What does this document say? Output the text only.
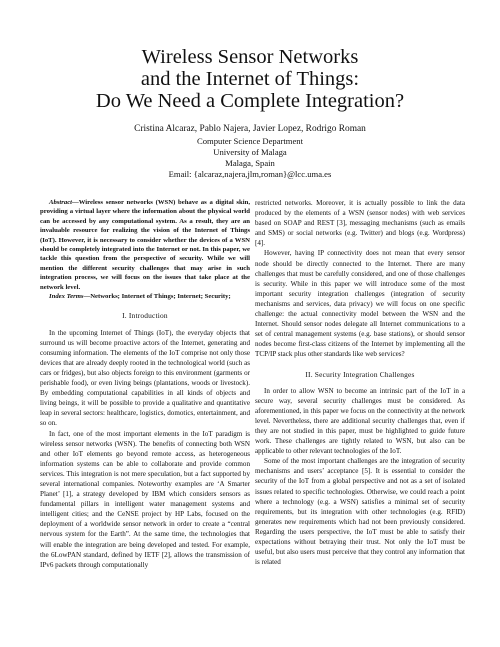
Wireless Sensor Networks
and the Internet of Things:
Do We Need a Complete Integration?
Cristina Alcaraz, Pablo Najera, Javier Lopez, Rodrigo Roman
Computer Science Department
University of Malaga
Malaga, Spain
Email: {alcaraz,najera,jlm,roman}@lcc.uma.es

Abstract—Wireless sensor networks (WSN) behave as a digital skin, providing a virtual layer where the information about the physical world can be accessed by any computational system. As a result, they are an invaluable resource for realizing the vision of the Internet of Things (IoT). However, it is necessary to consider whether the devices of a WSN should be completely integrated into the Internet or not. In this paper, we tackle this question from the perspective of security. While we will mention the different security challenges that may arise in such integration process, we will focus on the issues that take place at the network level.

Index Terms—Networks; Internet of Things; Internet; Security;

I. Introduction

In the upcoming Internet of Things (IoT), the everyday objects that surround us will become proactive actors of the Internet, generating and consuming information. The elements of the IoT comprise not only those devices that are already deeply rooted in the technological world (such as cars or fridges), but also objects foreign to this environment (garments or perishable food), or even living beings (plantations, woods or livestock). By embedding computational capabilities in all kinds of objects and living beings, it will be possible to provide a qualitative and quantitative leap in several sectors: healthcare, logistics, domotics, entertainment, and so on.

In fact, one of the most important elements in the IoT paradigm is wireless sensor networks (WSN). The benefits of connecting both WSN and other IoT elements go beyond remote access, as heterogeneous information systems can be able to collaborate and provide common services. This integration is not mere speculation, but a fact supported by several international companies. Noteworthy examples are ‘A Smarter Planet’ [1], a strategy developed by IBM which considers sensors as fundamental pillars in intelligent water management systems and intelligent cities; and the CeNSE project by HP Labs, focused on the deployment of a worldwide sensor network in order to create a “central nervous system for the Earth”. At the same time, the technologies that will enable the integration are being developed and tested. For example, the 6LowPAN standard, defined by IETF [2], allows the transmission of IPv6 packets through computationally

restricted networks. Moreover, it is actually possible to link the data produced by the elements of a WSN (sensor nodes) with web services based on SOAP and REST [3], messaging mechanisms (such as emails and SMS) or social networks (e.g. Twitter) and blogs (e.g. Wordpress) [4].

However, having IP connectivity does not mean that every sensor node should be directly connected to the Internet. There are many challenges that must be carefully considered, and one of those challenges is security. While in this paper we will introduce some of the most important security integration challenges (integration of security mechanisms and services, data privacy) we will focus on one specific challenge: the actual connectivity model between the WSN and the Internet. Should sensor nodes delegate all Internet communications to a set of central management systems (e.g. base stations), or should sensor nodes become first-class citizens of the Internet by implementing all the TCP/IP stack plus other standards like web services?

II. Security Integration Challenges

In order to allow WSN to become an intrinsic part of the IoT in a secure way, several security challenges must be considered. As aforementioned, in this paper we focus on the connectivity at the network level. Nevertheless, there are additional security challenges that, even if they are not studied in this paper, must be highlighted to guide future work. These challenges are tightly related to WSN, but also can be applicable to other relevant technologies of the IoT.

Some of the most important challenges are the integration of security mechanisms and users’ acceptance [5]. It is essential to consider the security of the IoT from a global perspective and not as a set of isolated issues related to specific technologies. Otherwise, we could reach a point where a technology (e.g. a WSN) satisfies a minimal set of security requirements, but its integration with other technologies (e.g. RFID) generates new requirements which had not been previously considered. Regarding the users perspective, the IoT must be able to satisfy their expectations without betraying their trust. Not only the IoT must be useful, but also users must perceive that they control any information that is related
